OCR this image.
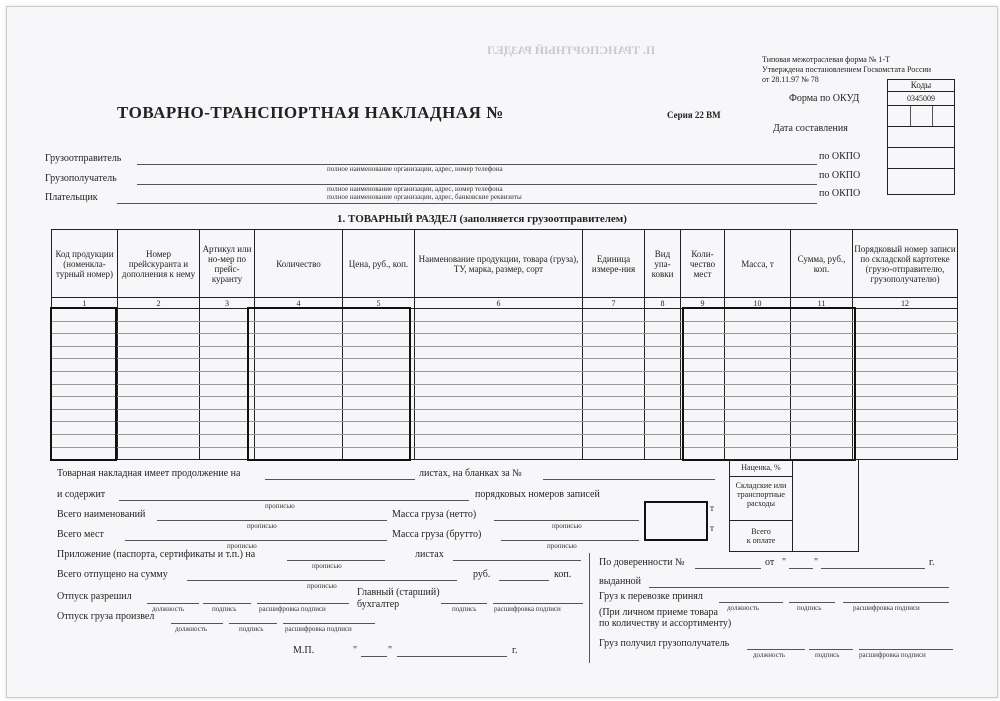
II. ТРАНСПОРТНЫЙ РАЗДЕЛ
Типовая межотраслевая форма № 1-Т
Утверждена постановлением Госкомстата России
от 28.11.97 № 78
Коды
0345009
Форма по ОКУД
Дата составления
ТОВАРНО-ТРАНСПОРТНАЯ НАКЛАДНАЯ №	Серия 22 ВМ
Грузоотправитель
полное наименование организации, адрес, номер телефона
по ОКПО
Грузополучатель
полное наименование организации, адрес, номер телефона
по ОКПО
Плательщик	полное наименование организации, адрес, банковские реквизиты	по ОКПО
1. ТОВАРНЫЙ РАЗДЕЛ (заполняется грузоотправителем)
Код продукции (номенкла-турный номер)	Номер прейскуранта и дополнения к нему	Артикул или но-мер по прейс-куранту	Количество	Цена, руб., коп.	Наименование продукции, товара (груза), ТУ, марка, размер, сорт	Единица измере-ния	Вид упа-ковки	Коли-чество мест	Масса, т	Сумма, руб., коп.	Порядковый номер записи по складской картотеке (грузо-отправителю, грузополучателю)
1	2	3	4	5	6	7	8	9	10	11	12

Товарная накладная имеет продолжение на	листах, на бланках за №
и содержит
прописью
порядковых номеров записей
Всего наименований
прописью
Масса груза (нетто)
прописью
т
Всего мест
прописью
Масса груза (брутто)
прописью
т
Приложение (паспорта, сертификаты и т.п.) на
прописью
листах
Всего отпущено на сумму
прописью
руб.	коп.
Отпуск разрешил
должность	подпись	расшифровка подписи
Главный (старший)
бухгалтер	подпись	расшифровка подписи
Отпуск груза произвел
должность	подпись	расшифровка подписи
М.П.	"	"	г.
Наценка, %
Складские или
транспортные
расходы
Всего
к оплате
По доверенности №	от "	"	г.
выданной
Груз к перевозке принял
должность	подпись	расшифровка подписи
(При личном приеме товара
по количеству и ассортименту)
Груз получил грузополучатель
должность	подпись	расшифровка подписи
